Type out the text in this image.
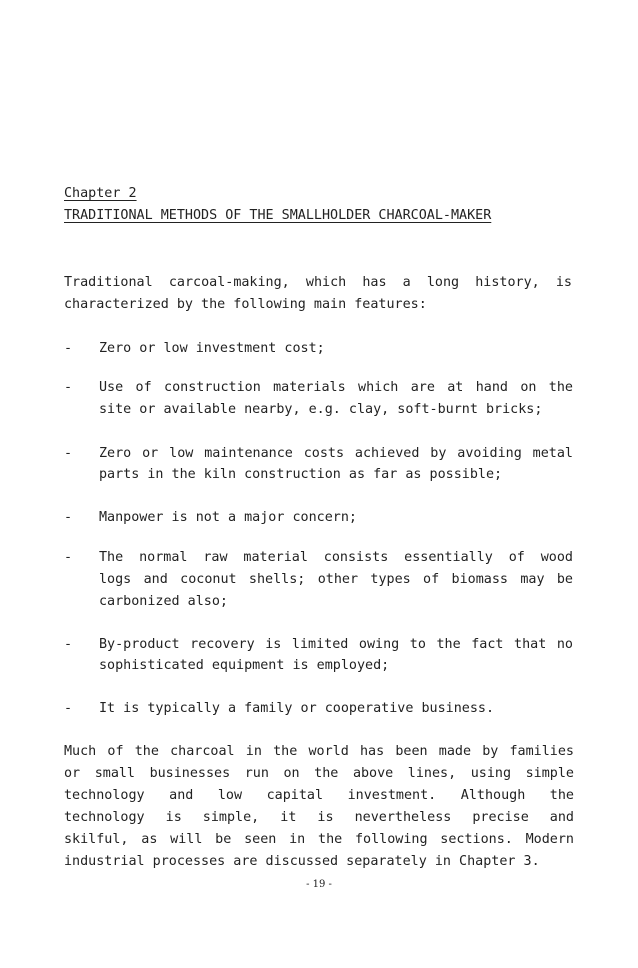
Chapter 2
TRADITIONAL METHODS OF THE SMALLHOLDER CHARCOAL-MAKER
Traditional carcoal-making, which has a long history, is
characterized by the following main features:
- Zero or low investment cost;
- Use of construction materials which are at hand on the
site or available nearby, e.g. clay, soft-burnt bricks;
- Zero or low maintenance costs achieved by avoiding metal
parts in the kiln construction as far as possible;
- Manpower is not a major concern;
- The normal raw material consists essentially of wood
logs and coconut shells; other types of biomass may be
carbonized also;
- By-product recovery is limited owing to the fact that no
sophisticated equipment is employed;
- It is typically a family or cooperative business.
Much of the charcoal in the world has been made by families
or small businesses run on the above lines, using simple
technology and low capital investment. Although the
technology is simple, it is nevertheless precise and
skilful, as will be seen in the following sections. Modern
industrial processes are discussed separately in Chapter 3.
- 19 -
